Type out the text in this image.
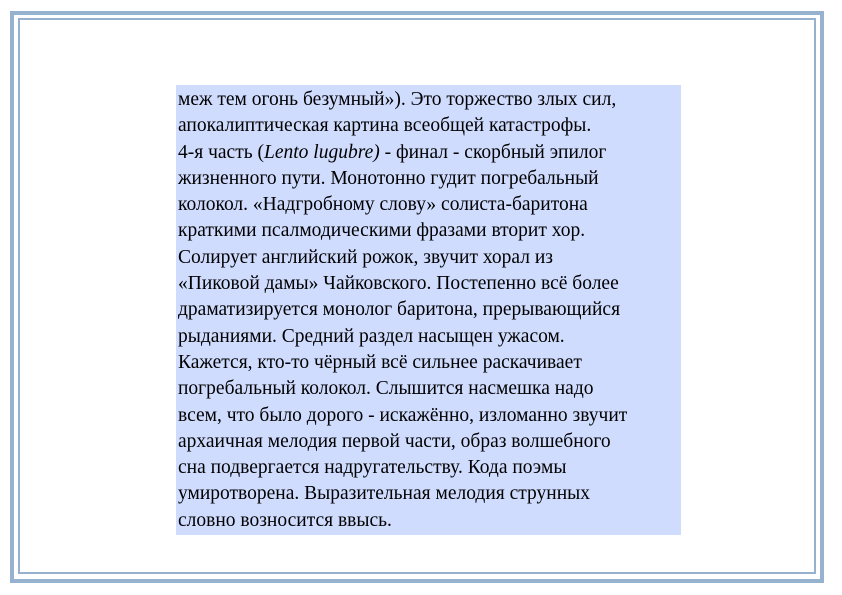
меж тем огонь безумный»). Это торжество злых сил,
апокалиптическая картина всеобщей катастрофы.
4-я часть (Lento lugubre) - финал - скорбный эпилог
жизненного пути. Монотонно гудит погребальный
колокол. «Надгробному слову» солиста-баритона
краткими псалмодическими фразами вторит хор.
Солирует английский рожок, звучит хорал из
«Пиковой дамы» Чайковского. Постепенно всё более
драматизируется монолог баритона, прерывающийся
рыданиями. Средний раздел насыщен ужасом.
Кажется, кто-то чёрный всё сильнее раскачивает
погребальный колокол. Слышится насмешка надо
всем, что было дорого - искажённо, изломанно звучит
архаичная мелодия первой части, образ волшебного
сна подвергается надругательству. Кода поэмы
умиротворена. Выразительная мелодия струнных
словно возносится ввысь.
